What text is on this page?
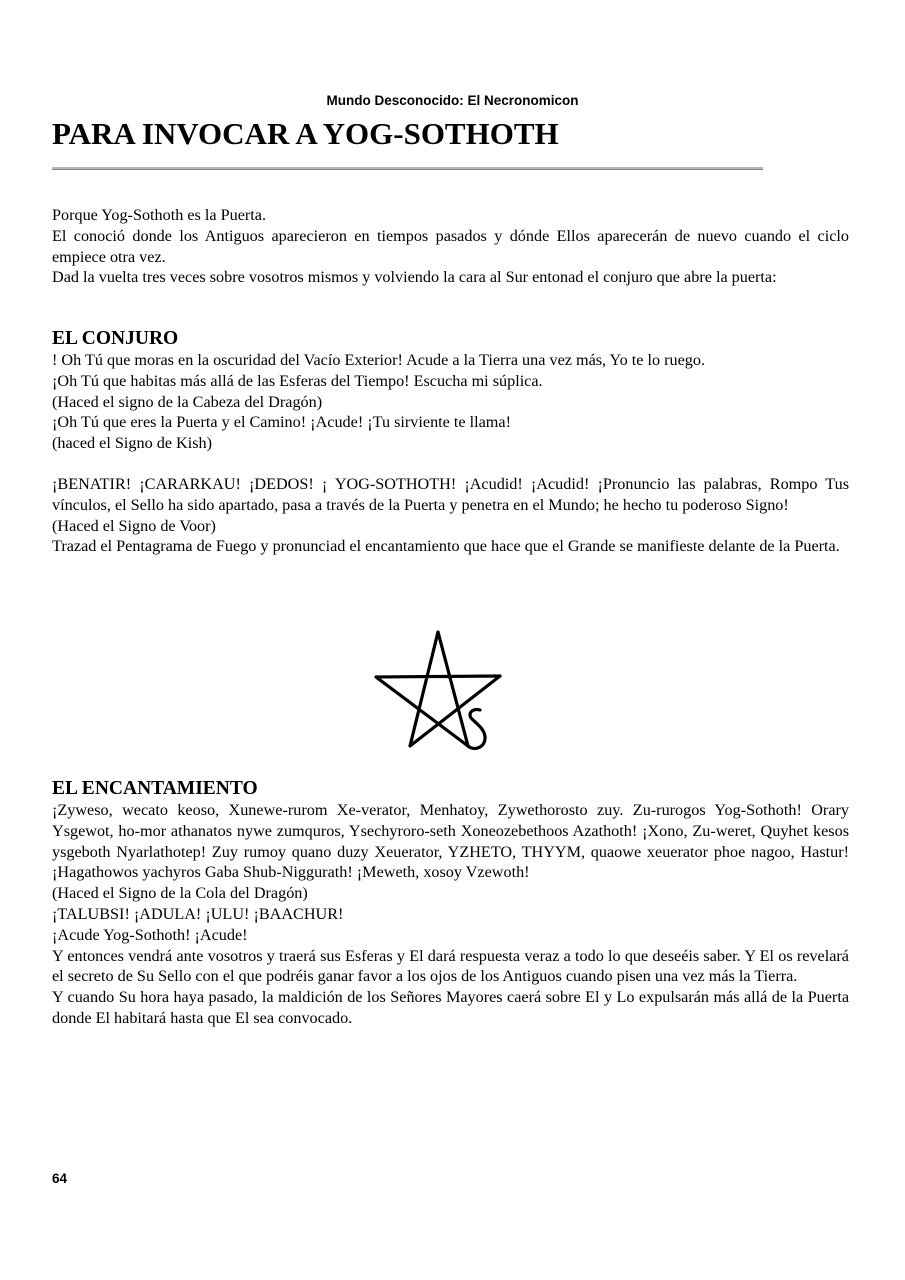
Mundo Desconocido: El Necronomicon
PARA INVOCAR A YOG-SOTHOTH
Porque Yog-Sothoth es la Puerta.
El conoció donde los Antiguos aparecieron en tiempos pasados y dónde Ellos aparecerán de nuevo cuando el ciclo empiece otra vez.
Dad la vuelta tres veces sobre vosotros mismos y volviendo la cara al Sur entonad el conjuro que abre la puerta:
EL CONJURO
! Oh Tú que moras en la oscuridad del Vacío Exterior! Acude a la Tierra una vez más, Yo te lo ruego.
¡Oh Tú que habitas más allá de las Esferas del Tiempo! Escucha mi súplica.
(Haced el signo de la Cabeza del Dragón)
¡Oh Tú que eres la Puerta y el Camino! ¡Acude! ¡Tu sirviente te llama!
(haced el Signo de Kish)
¡BENATIR! ¡CARARKAU! ¡DEDOS! ¡ YOG-SOTHOTH! ¡Acudid! ¡Acudid! ¡Pronuncio las palabras, Rompo Tus vínculos, el Sello ha sido apartado, pasa a través de la Puerta y penetra en el Mundo; he hecho tu poderoso Signo!
(Haced el Signo de Voor)
Trazad el Pentagrama de Fuego y pronunciad el encantamiento que hace que el Grande se manifieste delante de la Puerta.
EL ENCANTAMIENTO
¡Zyweso, wecato keoso, Xunewe-rurom Xe-verator, Menhatoy, Zywethorosto zuy. Zu-rurogos Yog-Sothoth! Orary Ysgewot, ho-mor athanatos nywe zumquros, Ysechyroro-seth Xoneozebethoos Azathoth! ¡Xono, Zu-weret, Quyhet kesos ysgeboth Nyarlathotep! Zuy rumoy quano duzy Xeuerator, YZHETO, THYYM, quaowe xeuerator phoe nagoo, Hastur! ¡Hagathowos yachyros Gaba Shub-Niggurath! ¡Meweth, xosoy Vzewoth!
(Haced el Signo de la Cola del Dragón)
¡TALUBSI! ¡ADULA! ¡ULU! ¡BAACHUR!
¡Acude Yog-Sothoth! ¡Acude!
Y entonces vendrá ante vosotros y traerá sus Esferas y El dará respuesta veraz a todo lo que deseéis saber. Y El os revelará el secreto de Su Sello con el que podréis ganar favor a los ojos de los Antiguos cuando pisen una vez más la Tierra.
Y cuando Su hora haya pasado, la maldición de los Señores Mayores caerá sobre El y Lo expulsarán más allá de la Puerta donde El habitará hasta que El sea convocado.
64
